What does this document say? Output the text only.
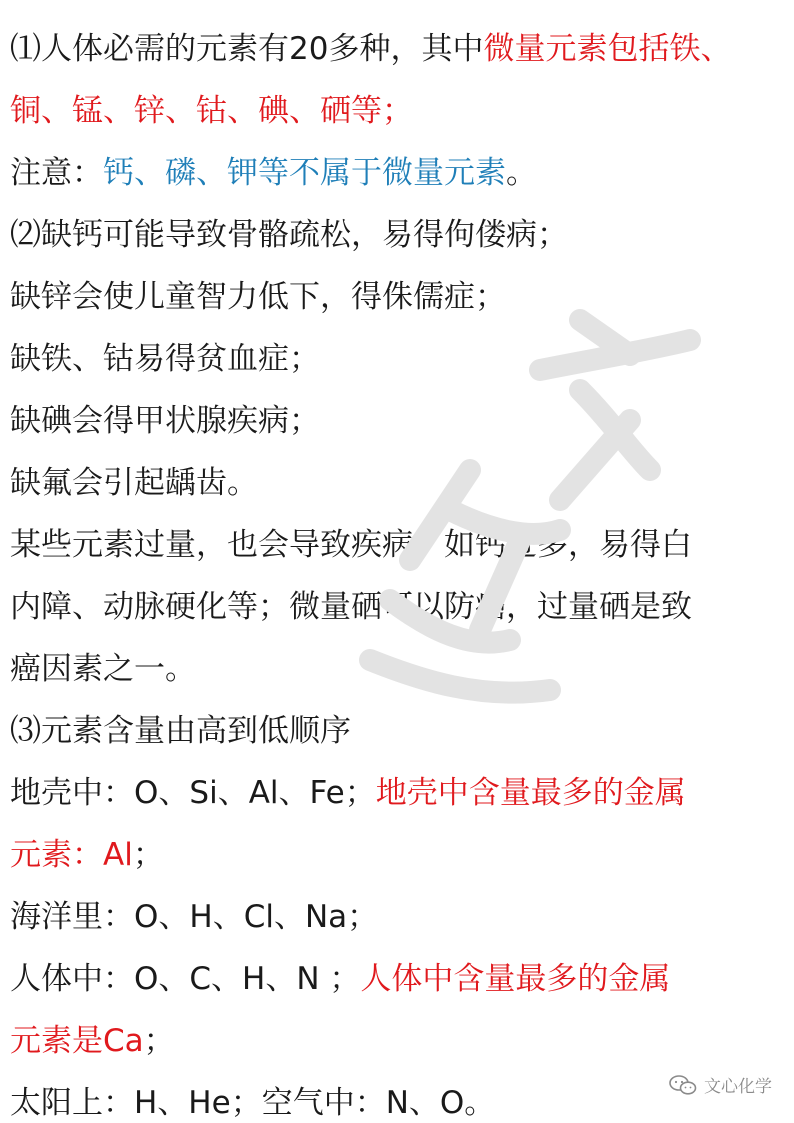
⑴人体必需的元素有20多种，其中微量元素包括铁、
铜、锰、锌、钴、碘、硒等；
注意：钙、磷、钾等不属于微量元素。
⑵缺钙可能导致骨骼疏松，易得佝偻病；
缺锌会使儿童智力低下，得侏儒症；
缺铁、钴易得贫血症；
缺碘会得甲状腺疾病；
缺氟会引起龋齿。
某些元素过量，也会导致疾病。如钙过多，易得白
内障、动脉硬化等；微量硒可以防癌，过量硒是致
癌因素之一。
⑶元素含量由高到低顺序
地壳中：O、Si、Al、Fe；地壳中含量最多的金属
元素：Al；
海洋里：O、H、Cl、Na；
人体中：O、C、H、N ；人体中含量最多的金属
元素是Ca；
太阳上：H、He；空气中：N、O。	文心化学
